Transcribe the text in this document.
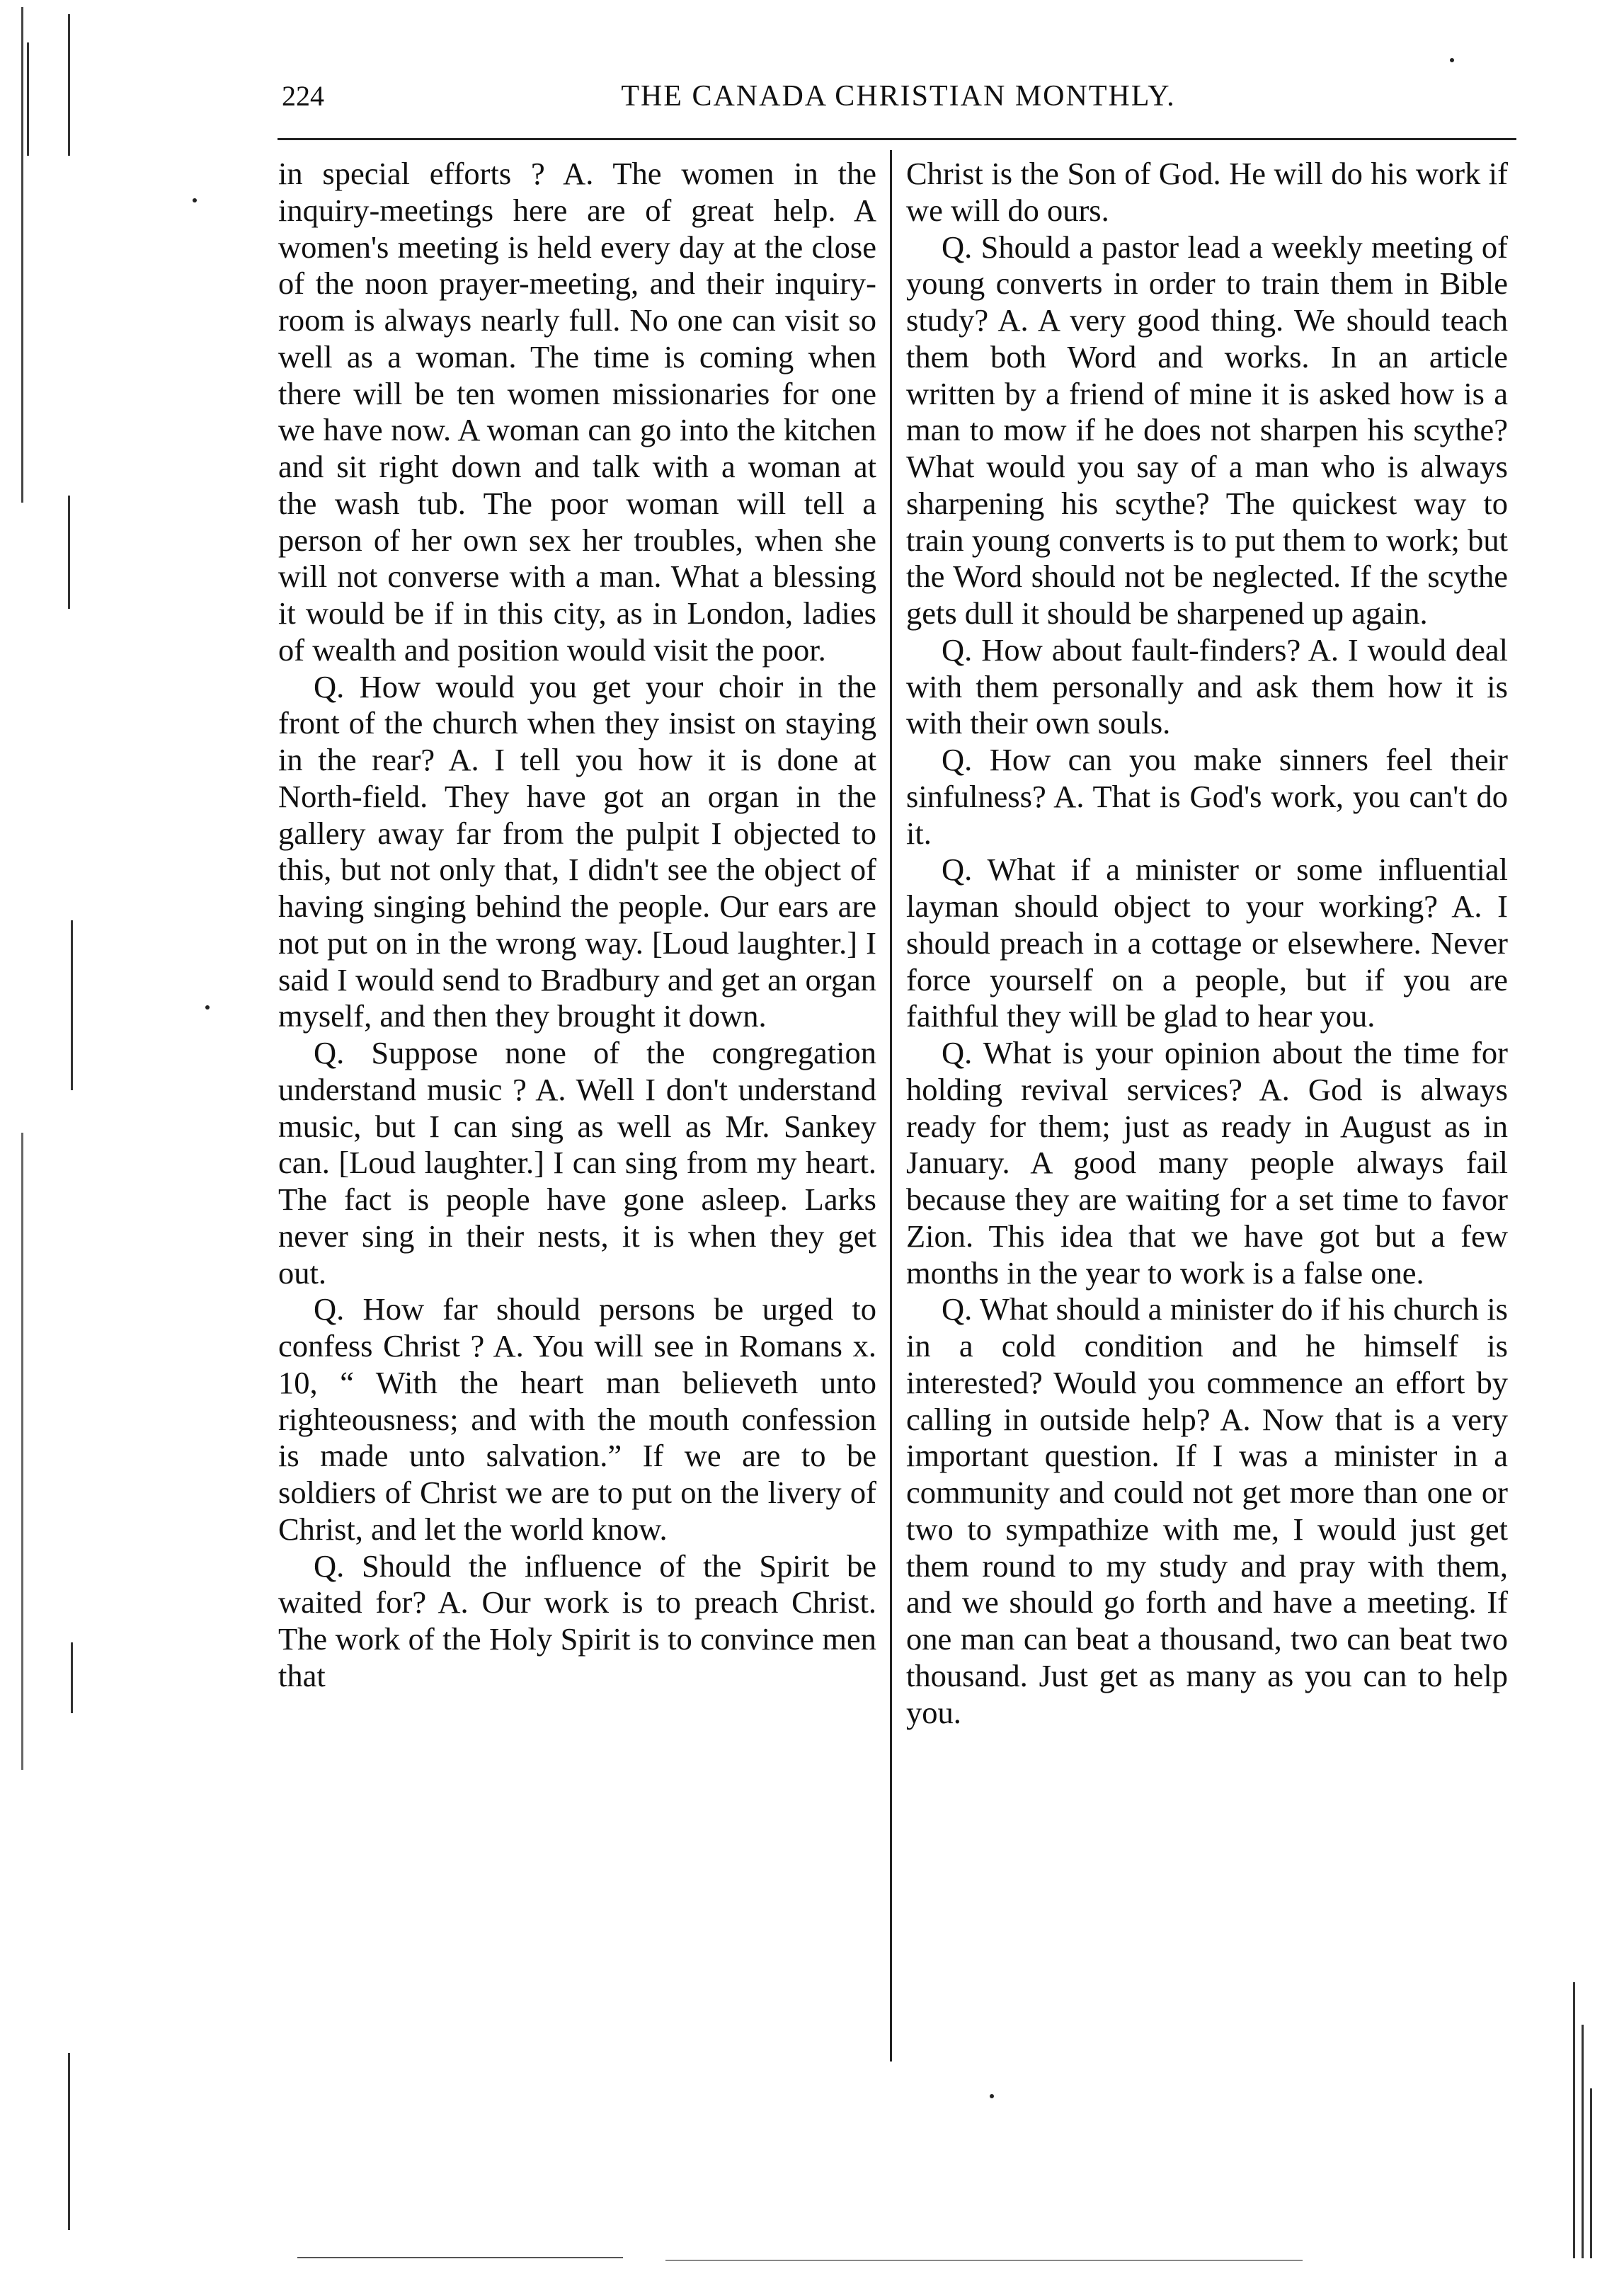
224	THE CANADA CHRISTIAN MONTHLY.

in special efforts ? A. The women in the inquiry-meetings here are of great help. A women's meeting is held every day at the close of the noon prayer-meeting, and their inquiry-room is always nearly full. No one can visit so well as a woman. The time is coming when there will be ten women missionaries for one we have now. A woman can go into the kitchen and sit right down and talk with a woman at the wash tub. The poor woman will tell a person of her own sex her troubles, when she will not converse with a man. What a blessing it would be if in this city, as in London, ladies of wealth and position would visit the poor.

Q. How would you get your choir in the front of the church when they insist on staying in the rear? A. I tell you how it is done at North-field. They have got an organ in the gallery away far from the pulpit I objected to this, but not only that, I didn't see the object of having singing behind the people. Our ears are not put on in the wrong way. [Loud laughter.] I said I would send to Bradbury and get an organ myself, and then they brought it down.

Q. Suppose none of the congregation understand music ? A. Well I don't understand music, but I can sing as well as Mr. Sankey can. [Loud laughter.] I can sing from my heart. The fact is people have gone asleep. Larks never sing in their nests, it is when they get out.

Q. How far should persons be urged to confess Christ ? A. You will see in Romans x. 10, “ With the heart man believeth unto righteousness; and with the mouth confession is made unto salvation.” If we are to be soldiers of Christ we are to put on the livery of Christ, and let the world know.

Q. Should the influence of the Spirit be waited for? A. Our work is to preach Christ. The work of the Holy Spirit is to convince men that

Christ is the Son of God. He will do his work if we will do ours.

Q. Should a pastor lead a weekly meeting of young converts in order to train them in Bible study? A. A very good thing. We should teach them both Word and works. In an article written by a friend of mine it is asked how is a man to mow if he does not sharpen his scythe? What would you say of a man who is always sharpening his scythe? The quickest way to train young converts is to put them to work; but the Word should not be neglected. If the scythe gets dull it should be sharpened up again.

Q. How about fault-finders? A. I would deal with them personally and ask them how it is with their own souls.

Q. How can you make sinners feel their sinfulness? A. That is God's work, you can't do it.

Q. What if a minister or some influential layman should object to your working? A. I should preach in a cottage or elsewhere. Never force yourself on a people, but if you are faithful they will be glad to hear you.

Q. What is your opinion about the time for holding revival services? A. God is always ready for them; just as ready in August as in January. A good many people always fail because they are waiting for a set time to favor Zion. This idea that we have got but a few months in the year to work is a false one.

Q. What should a minister do if his church is in a cold condition and he himself is interested? Would you commence an effort by calling in outside help? A. Now that is a very important question. If I was a minister in a community and could not get more than one or two to sympathize with me, I would just get them round to my study and pray with them, and we should go forth and have a meeting. If one man can beat a thousand, two can beat two thousand. Just get as many as you can to help you.
